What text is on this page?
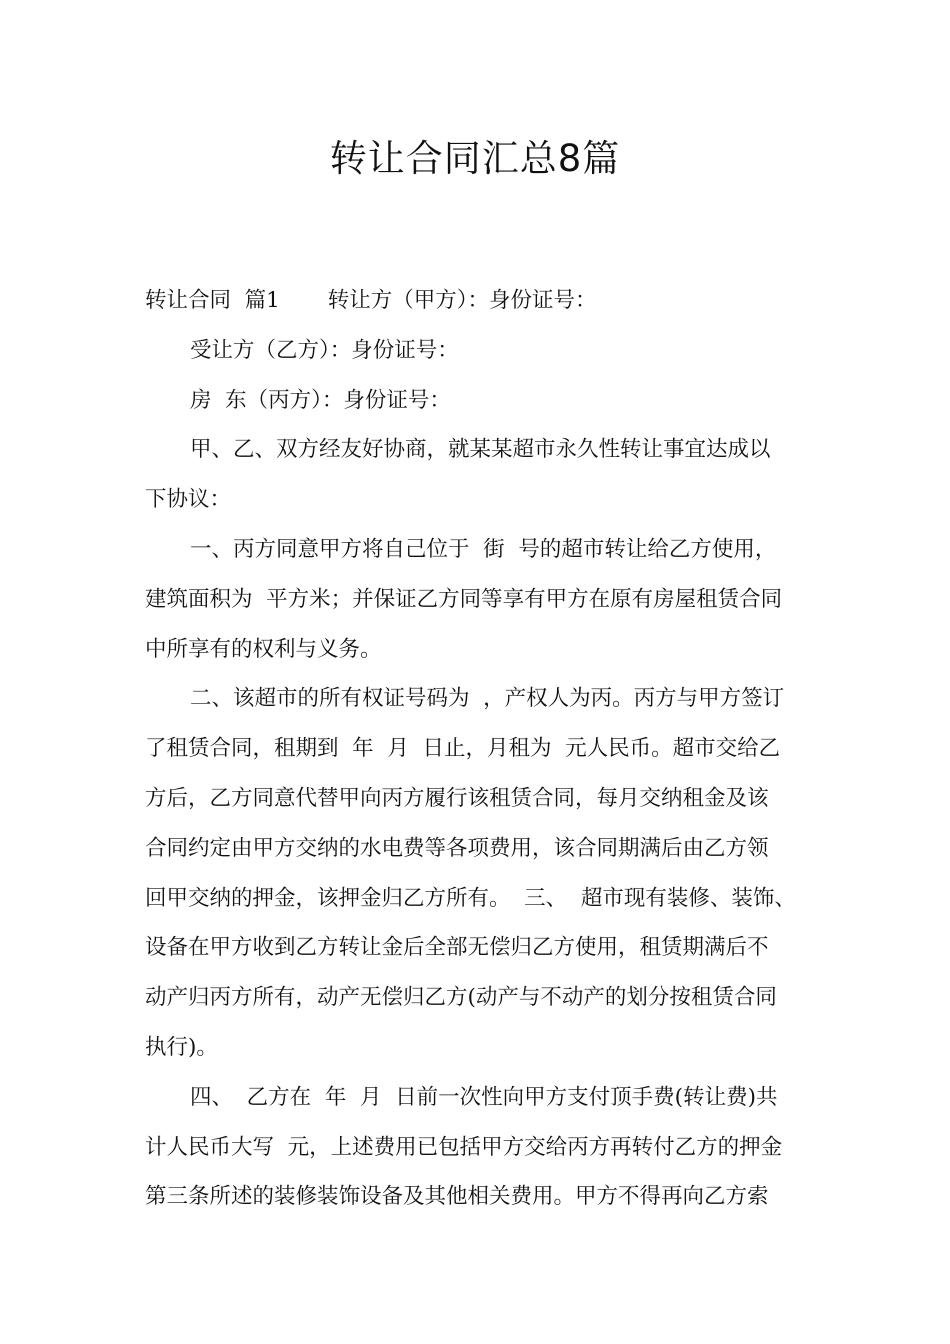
转让合同汇总8篇
转让合同  篇1       转让方（甲方）：身份证号：
受让方（乙方）：身份证号：
房  东（丙方）：身份证号：
甲、乙、双方经友好协商，就某某超市永久性转让事宜达成以
下协议：
一、丙方同意甲方将自己位于  街  号的超市转让给乙方使用，
建筑面积为  平方米；并保证乙方同等享有甲方在原有房屋租赁合同
中所享有的权利与义务。
二、该超市的所有权证号码为  ，产权人为丙。丙方与甲方签订
了租赁合同，租期到  年  月  日止，月租为  元人民币。超市交给乙
方后，乙方同意代替甲向丙方履行该租赁合同，每月交纳租金及该
合同约定由甲方交纳的水电费等各项费用，该合同期满后由乙方领
回甲交纳的押金，该押金归乙方所有。  三、  超市现有装修、装饰、
设备在甲方收到乙方转让金后全部无偿归乙方使用，租赁期满后不
动产归丙方所有，动产无偿归乙方(动产与不动产的划分按租赁合同
执行)。
四、  乙方在  年  月  日前一次性向甲方支付顶手费(转让费)共
计人民币大写  元，上述费用已包括甲方交给丙方再转付乙方的押金
第三条所述的装修装饰设备及其他相关费用。甲方不得再向乙方索
